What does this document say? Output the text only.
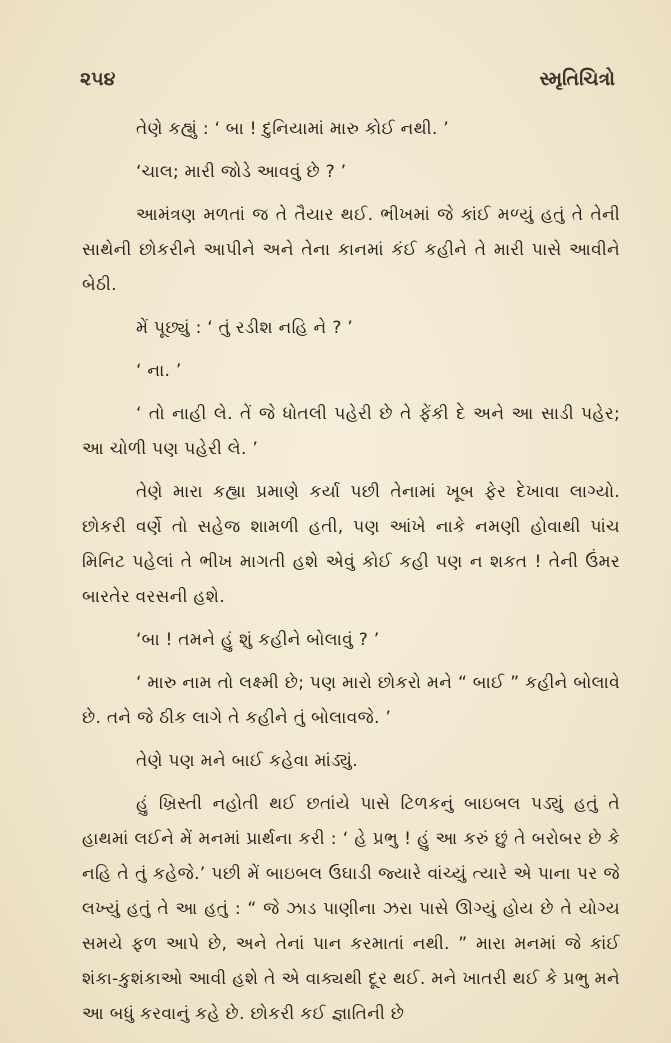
૨૫૪	સ્મૃતિચિત્રો

તેણે કહ્યું : ‘ બા ! દુનિયામાં મારુ કોઈ નથી. ’

‘ચાલ; મારી જોડે આવવું છે ? ’

આમંત્રણ મળતાં જ તે તૈયાર થઈ. ભીખમાં જે કાંઈ મળ્યું હતું તે તેની સાથેની છોકરીને આપીને અને તેના કાનમાં કંઈ કહીને તે મારી પાસે આવીને બેઠી.

મેં પૂછ્યું : ‘ તું રડીશ નહિ ને ? ’

‘ ના. ’

‘ તો નાહી લે. તેં જે ધોતલી પહેરી છે તે ફેંકી દે અને આ સાડી પહેર; આ ચોળી પણ પહેરી લે. ’

તેણે મારા કહ્યા પ્રમાણે કર્યા પછી તેનામાં ખૂબ ફેર દેખાવા લાગ્યો. છોકરી વર્ણે તો સહેજ શામળી હતી, પણ આંખે નાકે નમણી હોવાથી પાંચ મિનિટ પહેલાં તે ભીખ માગતી હશે એવું કોઈ કહી પણ ન શકત ! તેની ઉંમર બારતેર વરસની હશે.

‘બા ! તમને હું શું કહીને બોલાવું ? ’

‘ મારુ નામ તો લક્ષ્મી છે; પણ મારો છોકરો મને “ બાઈ ” કહીને બોલાવે છે. તને જે ઠીક લાગે તે કહીને તું બોલાવજે. ’

તેણે પણ મને બાઈ કહેવા માંડ્યું.

હું ખ્રિસ્તી નહોતી થઈ છતાંયે પાસે ટિળકનું બાઇબલ પડ્યું હતું તે હાથમાં લઈને મેં મનમાં પ્રાર્થના કરી : ‘ હે પ્રભુ ! હું આ કરું છું તે બરોબર છે કે નહિ તે તું કહેજે.’ પછી મેં બાઇબલ ઉઘાડી જ્યારે વાંચ્યું ત્યારે એ પાના પર જે લખ્યું હતું તે આ હતું : “ જે ઝાડ પાણીના ઝરા પાસે ઊગ્યું હોય છે તે યોગ્ય સમયે ફળ આપે છે, અને તેનાં પાન કરમાતાં નથી. ” મારા મનમાં જે કાંઈ શંકા-કુશંકાઓ આવી હશે તે એ વાક્યથી દૂર થઈ. મને ખાતરી થઈ કે પ્રભુ મને આ બધું કરવાનું કહે છે. છોકરી કઈ જ્ઞાતિની છે
